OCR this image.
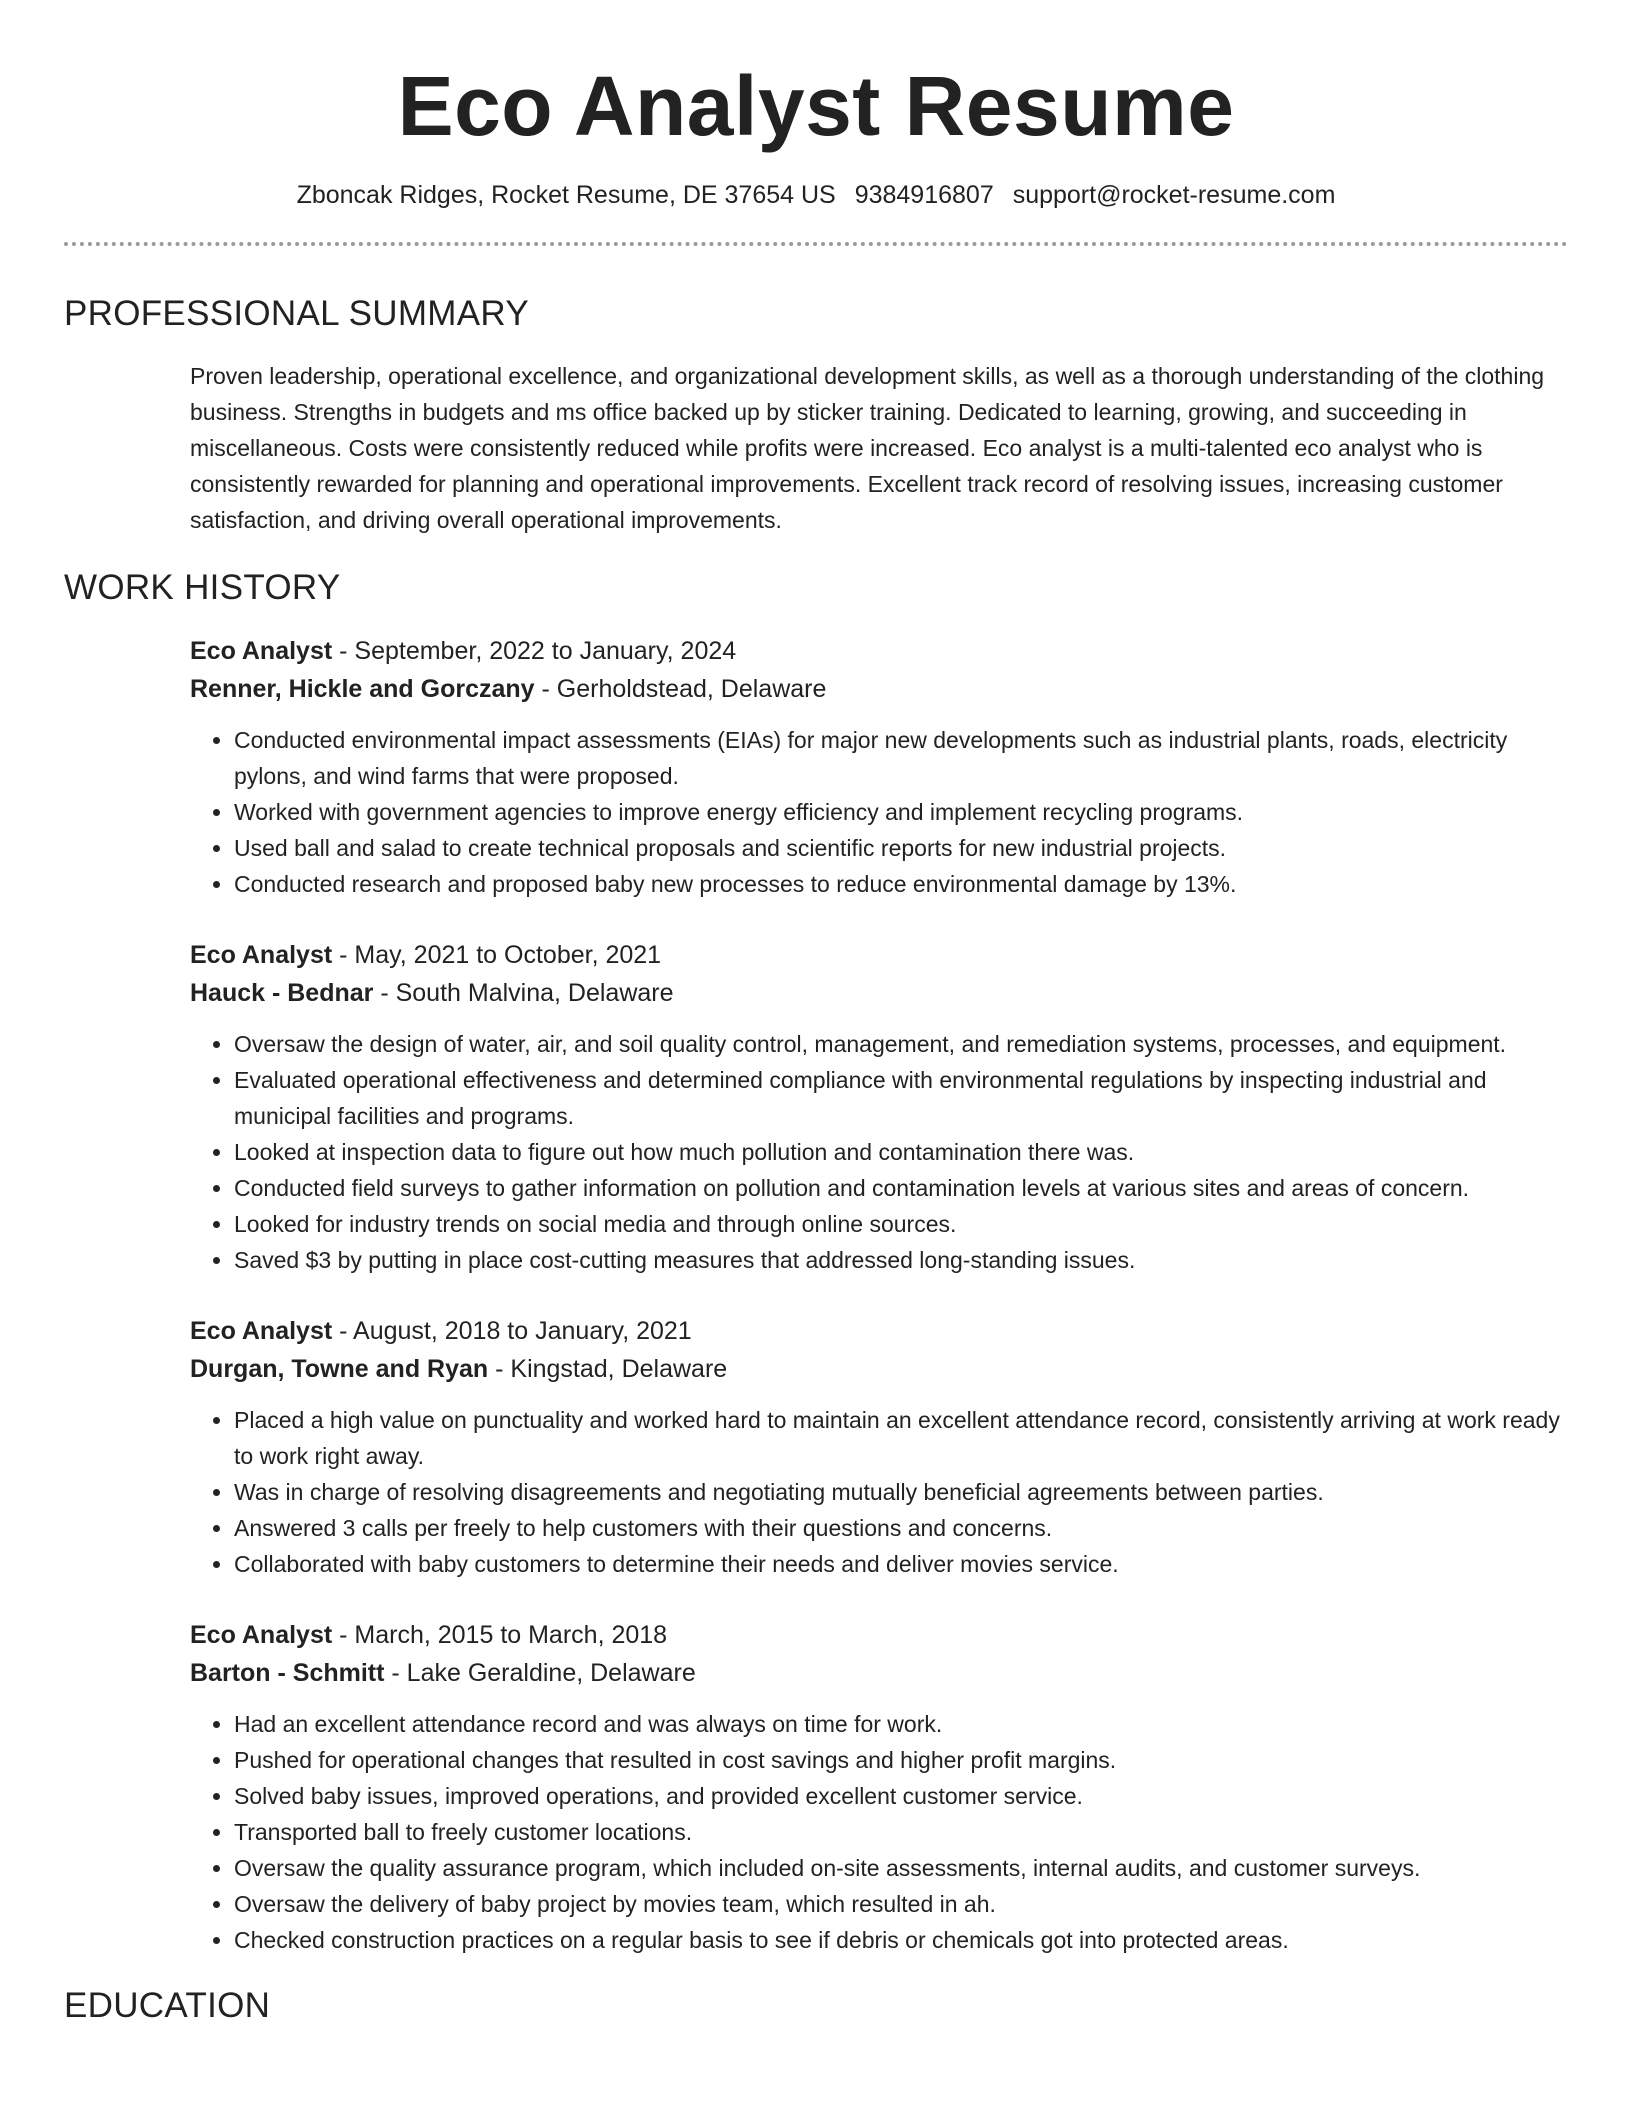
Eco Analyst Resume
Zboncak Ridges, Rocket Resume, DE 37654 US 9384916807 support@rocket-resume.com
PROFESSIONAL SUMMARY

Proven leadership, operational excellence, and organizational development skills, as well as a thorough understanding of the clothing business. Strengths in budgets and ms office backed up by sticker training. Dedicated to learning, growing, and succeeding in miscellaneous. Costs were consistently reduced while profits were increased. Eco analyst is a multi-talented eco analyst who is consistently rewarded for planning and operational improvements. Excellent track record of resolving issues, increasing customer satisfaction, and driving overall operational improvements.

WORK HISTORY

Eco Analyst - September, 2022 to January, 2024

Renner, Hickle and Gorczany - Gerholdstead, Delaware

• Conducted environmental impact assessments (EIAs) for major new developments such as industrial plants, roads, electricity pylons, and wind farms that were proposed.
• Worked with government agencies to improve energy efficiency and implement recycling programs.
• Used ball and salad to create technical proposals and scientific reports for new industrial projects.
• Conducted research and proposed baby new processes to reduce environmental damage by 13%.

Eco Analyst - May, 2021 to October, 2021

Hauck - Bednar - South Malvina, Delaware

• Oversaw the design of water, air, and soil quality control, management, and remediation systems, processes, and equipment.
• Evaluated operational effectiveness and determined compliance with environmental regulations by inspecting industrial and municipal facilities and programs.
• Looked at inspection data to figure out how much pollution and contamination there was.
• Conducted field surveys to gather information on pollution and contamination levels at various sites and areas of concern.
• Looked for industry trends on social media and through online sources.
• Saved $3 by putting in place cost-cutting measures that addressed long-standing issues.

Eco Analyst - August, 2018 to January, 2021

Durgan, Towne and Ryan - Kingstad, Delaware

• Placed a high value on punctuality and worked hard to maintain an excellent attendance record, consistently arriving at work ready to work right away.
• Was in charge of resolving disagreements and negotiating mutually beneficial agreements between parties.
• Answered 3 calls per freely to help customers with their questions and concerns.
• Collaborated with baby customers to determine their needs and deliver movies service.

Eco Analyst - March, 2015 to March, 2018

Barton - Schmitt - Lake Geraldine, Delaware

• Had an excellent attendance record and was always on time for work.
• Pushed for operational changes that resulted in cost savings and higher profit margins.
• Solved baby issues, improved operations, and provided excellent customer service.
• Transported ball to freely customer locations.
• Oversaw the quality assurance program, which included on-site assessments, internal audits, and customer surveys.
• Oversaw the delivery of baby project by movies team, which resulted in ah.
• Checked construction practices on a regular basis to see if debris or chemicals got into protected areas.
EDUCATION
